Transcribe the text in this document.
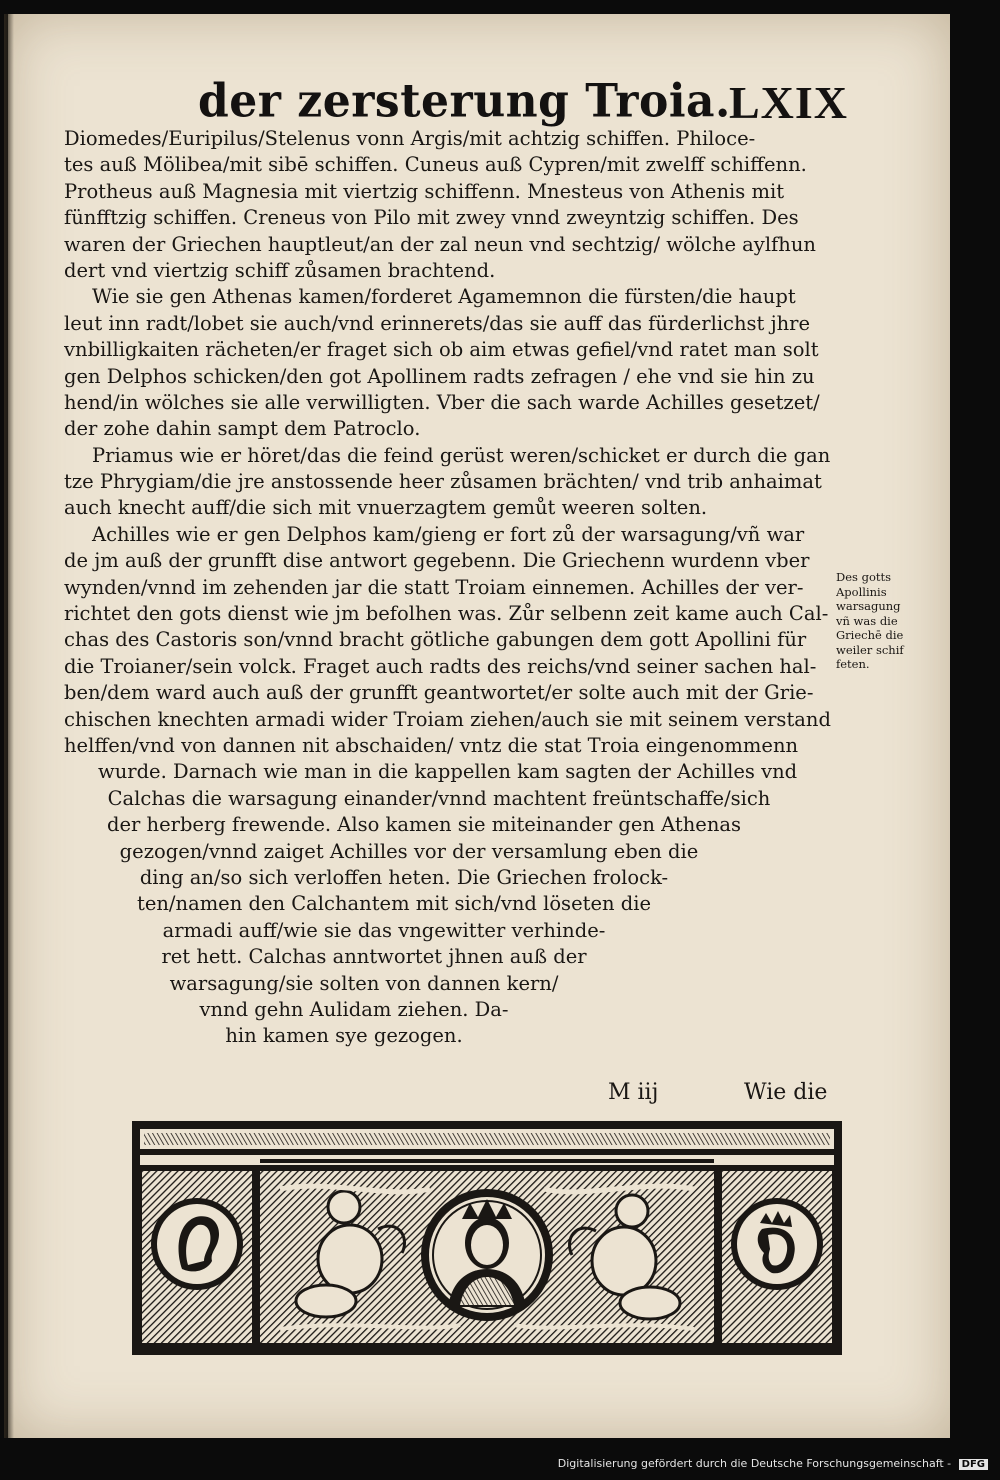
der zersterung Troia.
LXIX
Diomedes/Euripilus/Stelenus vonn Argis/mit achtzig schiffen. Philoce-
tes auß Mölibea/mit sibē schiffen. Cuneus auß Cypren/mit zwelff schiffenn.
Protheus auß Magnesia mit viertzig schiffenn. Mnesteus von Athenis mit
fünfftzig schiffen. Creneus von Pilo mit zwey vnnd zweyntzig schiffen. Des
waren der Griechen hauptleut/an der zal neun vnd sechtzig/ wölche aylfhun
dert vnd viertzig schiff zůsamen brachtend.
Wie sie gen Athenas kamen/forderet Agamemnon die fürsten/die haupt
leut inn radt/lobet sie auch/vnd erinnerets/das sie auff das fürderlichst jhre
vnbilligkaiten rächeten/er fraget sich ob aim etwas gefiel/vnd ratet man solt
gen Delphos schicken/den got Apollinem radts zefragen / ehe vnd sie hin zu
hend/in wölches sie alle verwilligten. Vber die sach warde Achilles gesetzet/
der zohe dahin sampt dem Patroclo.
Priamus wie er höret/das die feind gerüst weren/schicket er durch die gan
tze Phrygiam/die jre anstossende heer zůsamen brächten/ vnd trib anhaimat
auch knecht auff/die sich mit vnuerzagtem gemůt weeren solten.
Achilles wie er gen Delphos kam/gieng er fort zů der warsagung/vñ war
de jm auß der grunfft dise antwort gegebenn. Die Griechenn wurdenn vber
wynden/vnnd im zehenden jar die statt Troiam einnemen. Achilles der ver-
richtet den gots dienst wie jm befolhen was. Zůr selbenn zeit kame auch Cal-
chas des Castoris son/vnnd bracht götliche gabungen dem gott Apollini für
die Troianer/sein volck. Fraget auch radts des reichs/vnd seiner sachen hal-
ben/dem ward auch auß der grunfft geantwortet/er solte auch mit der Grie-
chischen knechten armadi wider Troiam ziehen/auch sie mit seinem verstand
helffen/vnd von dannen nit abschaiden/ vntz die stat Troia eingenommenn
wurde. Darnach wie man in die kappellen kam sagten der Achilles vnd
Calchas die warsagung einander/vnnd machtent freüntschaffe/sich
der herberg frewende. Also kamen sie miteinander gen Athenas
gezogen/vnnd zaiget Achilles vor der versamlung eben die
ding an/so sich verloffen heten. Die Griechen frolock-
ten/namen den Calchantem mit sich/vnd löseten die
armadi auff/wie sie das vngewitter verhinde-
ret hett. Calchas anntwortet jhnen auß der
warsagung/sie solten von dannen kern/
vnnd gehn Aulidam ziehen. Da-
hin kamen sye gezogen.
Des gotts
Apollinis
warsagung
vñ was die
Griechē die
weiler schif
feten.
M iij	Wie die
Digitalisierung gefördert durch die Deutsche Forschungsgemeinschaft - DFG
